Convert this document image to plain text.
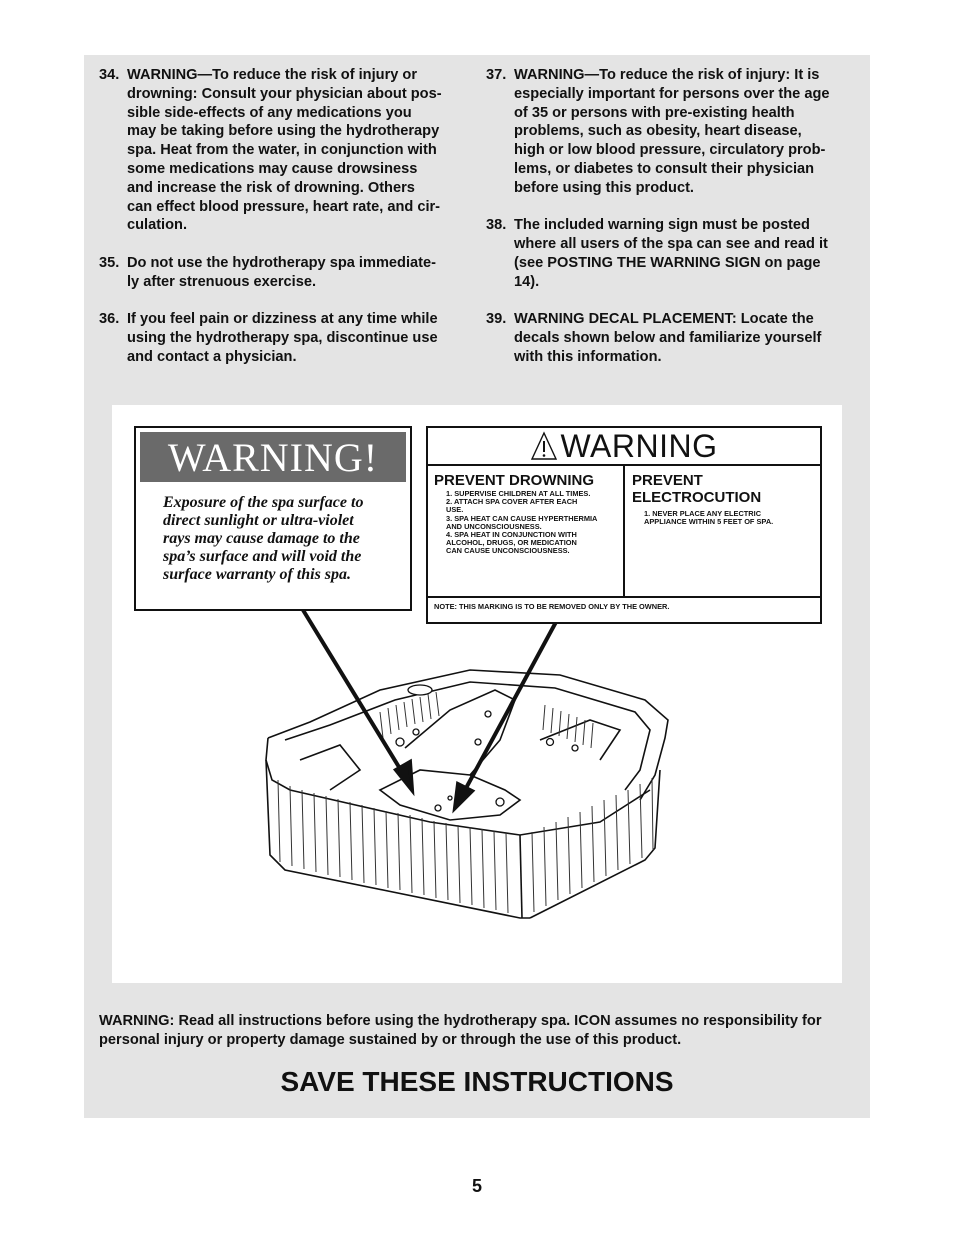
34. WARNING—To reduce the risk of injury or
drowning: Consult your physician about pos-
sible side-effects of any medications you
may be taking before using the hydrotherapy
spa. Heat from the water, in conjunction with
some medications may cause drowsiness
and increase the risk of drowning. Others
can effect blood pressure, heart rate, and cir-
culation.
35. Do not use the hydrotherapy spa immediate-
ly after strenuous exercise.
36. If you feel pain or dizziness at any time while
using the hydrotherapy spa, discontinue use
and contact a physician.
37. WARNING—To reduce the risk of injury: It is
especially important for persons over the age
of 35 or persons with pre-existing health
problems, such as obesity, heart disease,
high or low blood pressure, circulatory prob-
lems, or diabetes to consult their physician
before using this product.
38. The included warning sign must be posted
where all users of the spa can see and read it
(see POSTING THE WARNING SIGN on page
14).
39. WARNING DECAL PLACEMENT: Locate the
decals shown below and familiarize yourself
with this information.
WARNING!
Exposure of the spa surface to
direct sunlight or ultra-violet
rays may cause damage to the
spa’s surface and will void the
surface warranty of this spa.
WARNING
PREVENT DROWNING
1. SUPERVISE CHILDREN AT ALL TIMES.
2. ATTACH SPA COVER AFTER EACH
USE.
3. SPA HEAT CAN CAUSE HYPERTHERMIA
AND UNCONSCIOUSNESS.
4. SPA HEAT IN CONJUNCTION WITH
ALCOHOL, DRUGS, OR MEDICATION
CAN CAUSE UNCONSCIOUSNESS.
PREVENT
ELECTROCUTION
1. NEVER PLACE ANY ELECTRIC
APPLIANCE WITHIN 5 FEET OF SPA.
NOTE: THIS MARKING IS TO BE REMOVED ONLY BY THE OWNER.
WARNING: Read all instructions before using the hydrotherapy spa. ICON assumes no responsibility for personal injury or property damage sustained by or through the use of this product.
SAVE THESE INSTRUCTIONS
5
